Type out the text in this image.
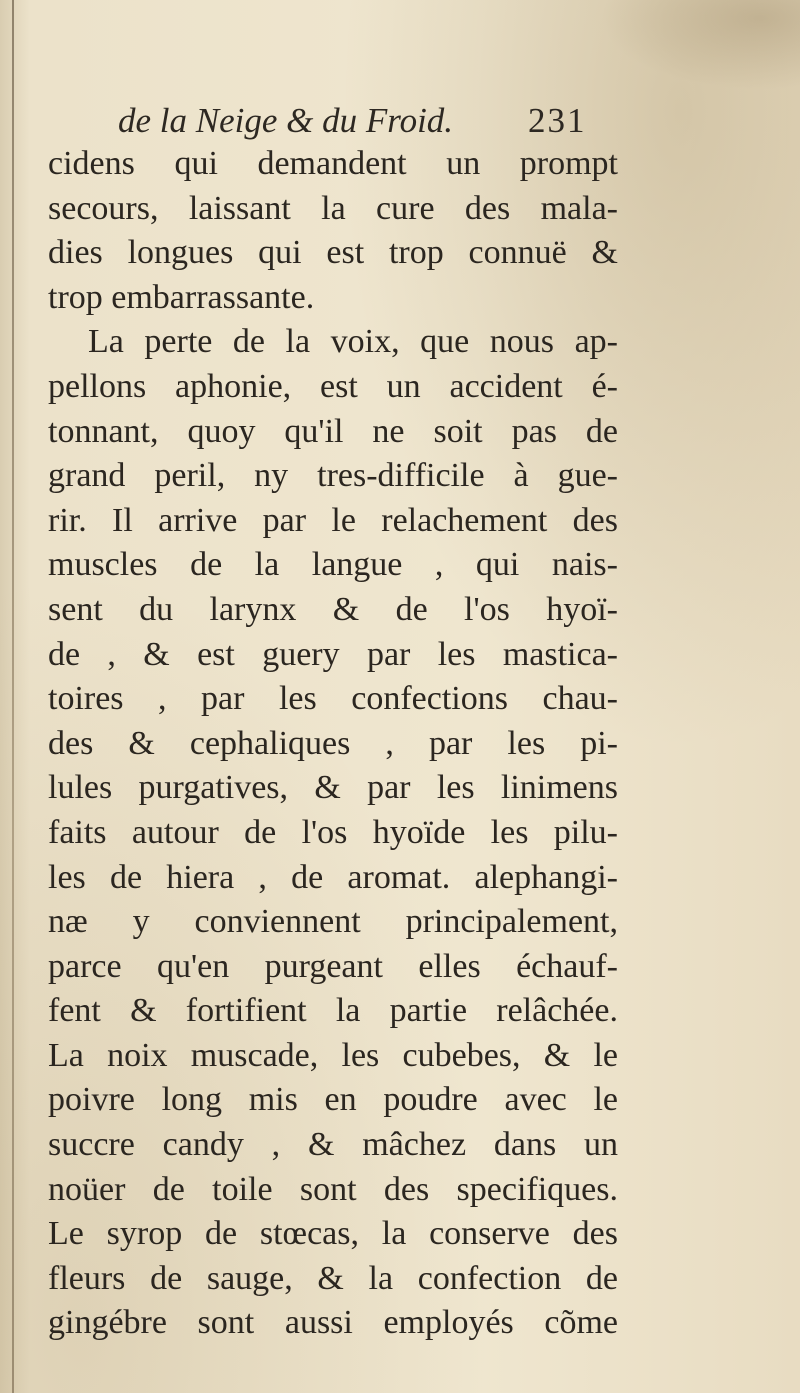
de la Neige & du Froid. 231
cidens qui demandent un prompt
secours, laissant la cure des mala-
dies longues qui est trop connuë &
trop embarrassante.
La perte de la voix, que nous ap-
pellons aphonie, est un accident é-
tonnant, quoy qu'il ne soit pas de
grand peril, ny tres-difficile à gue-
rir. Il arrive par le relachement des
muscles de la langue , qui nais-
sent du larynx & de l'os hyoï-
de , & est guery par les mastica-
toires , par les confections chau-
des & cephaliques , par les pi-
lules purgatives, & par les linimens
faits autour de l'os hyoïde les pilu-
les de hiera , de aromat. alephangi-
næ y conviennent principalement,
parce qu'en purgeant elles échauf-
fent & fortifient la partie relâchée.
La noix muscade, les cubebes, & le
poivre long mis en poudre avec le
succre candy , & mâchez dans un
noüer de toile sont des specifiques.
Le syrop de stœcas, la conserve des
fleurs de sauge, & la confection de
gingébre sont aussi employés cõme
